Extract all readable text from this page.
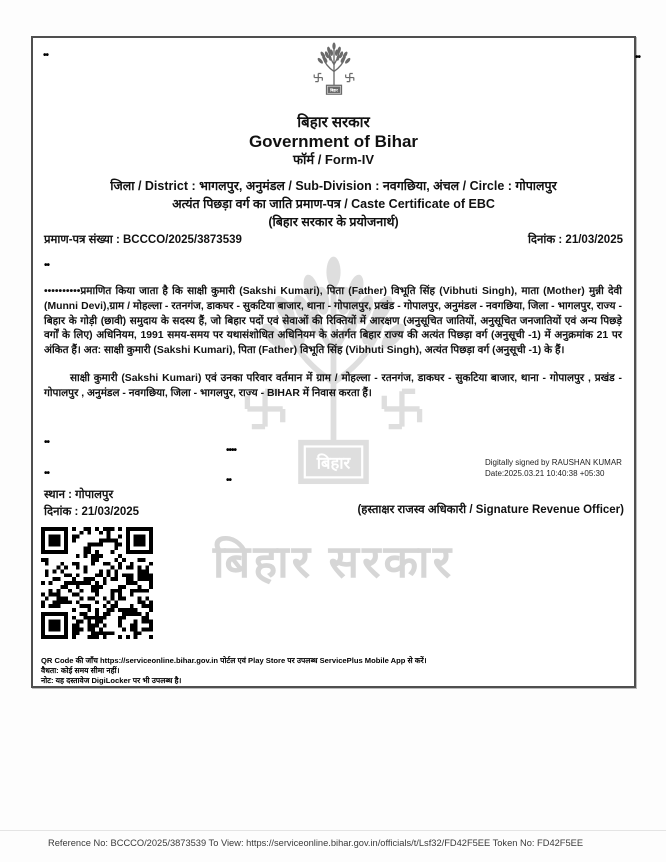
बिहार सरकार
••	••
बिहार सरकार
Government of Bihar
फॉर्म / Form-IV
जिला / District : भागलपुर, अनुमंडल / Sub-Division : नवगछिया, अंचल / Circle : गोपालपुर
अत्यंत पिछड़ा वर्ग का जाति प्रमाण-पत्र / Caste Certificate of EBC
(बिहार सरकार के प्रयोजनार्थ)
प्रमाण-पत्र संख्या : BCCCO/2025/3873539	दिनांक : 21/03/2025
••
••••••••••प्रमाणित किया जाता है कि साक्षी कुमारी (Sakshi Kumari), पिता (Father) विभूति सिंह (Vibhuti Singh), माता (Mother) मुन्नी देवी (Munni Devi),ग्राम / मोहल्ला - रतनगंज, डाकघर - सुकटिया बाजार, थाना - गोपालपुर, प्रखंड - गोपालपुर, अनुमंडल - नवगछिया, जिला - भागलपुर, राज्य - बिहार के गोड़ी (छावी) समुदाय के सदस्य हैं, जो बिहार पदों एवं सेवाओं की रिक्तियों में आरक्षण (अनुसूचित जातियों, अनुसूचित जनजातियों एवं अन्य पिछड़े वर्गों के लिए) अधिनियम, 1991 समय-समय पर यथासंशोधित अधिनियम के अंतर्गत बिहार राज्य की अत्यंत पिछड़ा वर्ग (अनुसूची -1) में अनुक्रमांक 21 पर अंकित हैं। अत: साक्षी कुमारी (Sakshi Kumari), पिता (Father) विभूति सिंह (Vibhuti Singh), अत्यंत पिछड़ा वर्ग (अनुसूची -1) के हैं।
साक्षी कुमारी (Sakshi Kumari) एवं उनका परिवार वर्तमान में ग्राम / मोहल्ला - रतनगंज, डाकघर - सुकटिया बाजार, थाना - गोपालपुर , प्रखंड - गोपालपुर , अनुमंडल - नवगछिया, जिला - भागलपुर, राज्य - BIHAR में निवास करता हैं।
••
••••
••
••
Digitally signed by RAUSHAN KUMAR
Date:2025.03.21 10:40:38 +05:30
स्थान : गोपालपुर
दिनांक : 21/03/2025	(हस्ताक्षर राजस्व अधिकारी / Signature Revenue Officer)
QR Code की जाँच https://serviceonline.bihar.gov.in पोर्टल एवं Play Store पर उपलब्ध ServicePlus Mobile App से करें।
वैधता: कोई समय सीमा नहीं।
नोट: यह दस्तावेज DigiLocker पर भी उपलब्ध है।
Reference No: BCCCO/2025/3873539 To View: https://serviceonline.bihar.gov.in/officials/t/Lsf32/FD42F5EE Token No: FD42F5EE
